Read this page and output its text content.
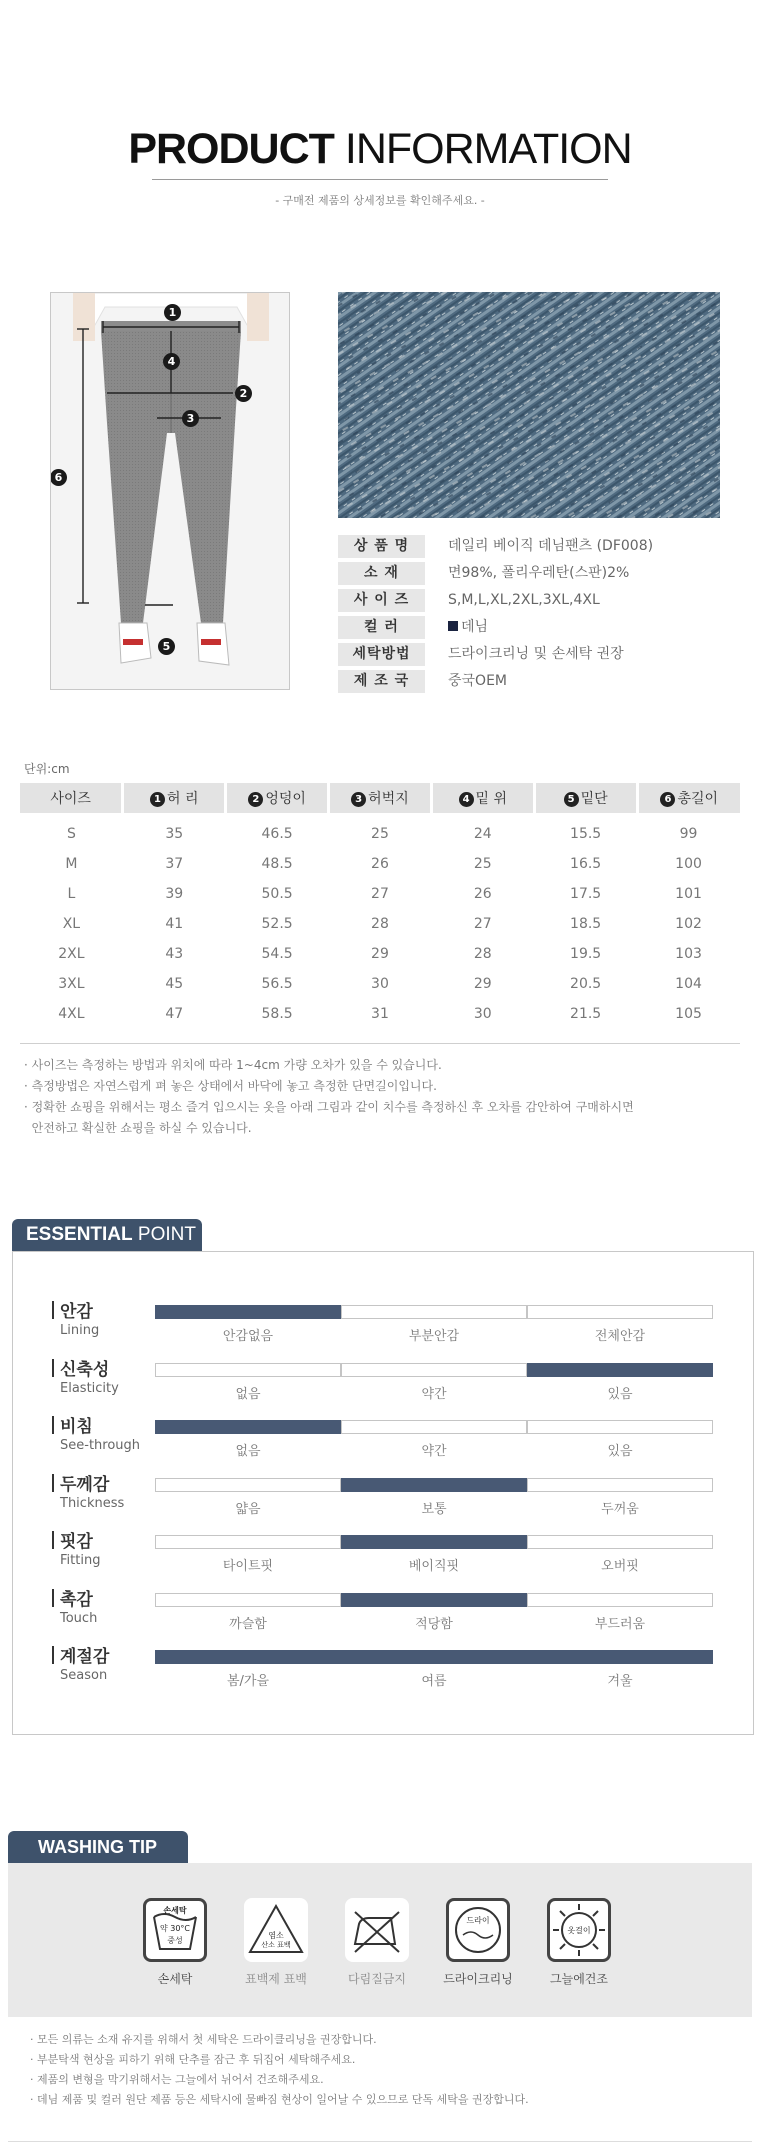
PRODUCT INFORMATION
- 구매전 제품의 상세정보를 확인해주세요. -
1
2
3
4
5
6
상 품 명	데일리 베이직 데님팬츠 (DF008)
소 재	면98%, 폴리우레탄(스판)2%
사 이 즈	S,M,L,XL,2XL,3XL,4XL
컬 러	데님
세탁방법	드라이크리닝 및 손세탁 권장
제 조 국	중국OEM
단위:cm
사이즈	1 허 리	2 엉덩이	3 허벅지	4 밑 위	5 밑단	6 총길이
S	35	46.5	25	24	15.5	99
M	37	48.5	26	25	16.5	100
L	39	50.5	27	26	17.5	101
XL	41	52.5	28	27	18.5	102
2XL	43	54.5	29	28	19.5	103
3XL	45	56.5	30	29	20.5	104
4XL	47	58.5	31	30	21.5	105
· 사이즈는 측정하는 방법과 위치에 따라 1~4cm 가량 오차가 있을 수 있습니다.
· 측정방법은 자연스럽게 펴 놓은 상태에서 바닥에 놓고 측정한 단면길이입니다.
· 정확한 쇼핑을 위해서는 평소 즐겨 입으시는 옷을 아래 그림과 같이 치수를 측정하신 후 오차를 감안하여 구매하시면
안전하고 확실한 쇼핑을 하실 수 있습니다.
ESSENTIAL POINT
안감
Lining	안감없음	부분안감	전체안감
신축성
Elasticity	없음	약간	있음
비침
See-through	없음	약간	있음
두께감
Thickness	얇음	보통	두꺼움
핏감
Fitting	타이트핏	베이직핏	오버핏
촉감
Touch	까슬함	적당함	부드러움
계절감
Season	봄/가을	여름	겨울
WASHING TIP
손세탁
약 30°C
중성
손세탁
염소
산소 표백
표백제 표백	다림질금지
드라이
드라이크리닝
옷걸이
그늘에건조
· 모든 의류는 소재 유지를 위해서 첫 세탁은 드라이클리닝을 권장합니다.
· 부분탁색 현상을 피하기 위해 단추를 잠근 후 뒤집어 세탁해주세요.
· 제품의 변형을 막기위해서는 그늘에서 뉘어서 건조해주세요.
· 데님 제품 및 컬러 원단 제품 등은 세탁시에 물빠짐 현상이 일어날 수 있으므로 단독 세탁을 권장합니다.
